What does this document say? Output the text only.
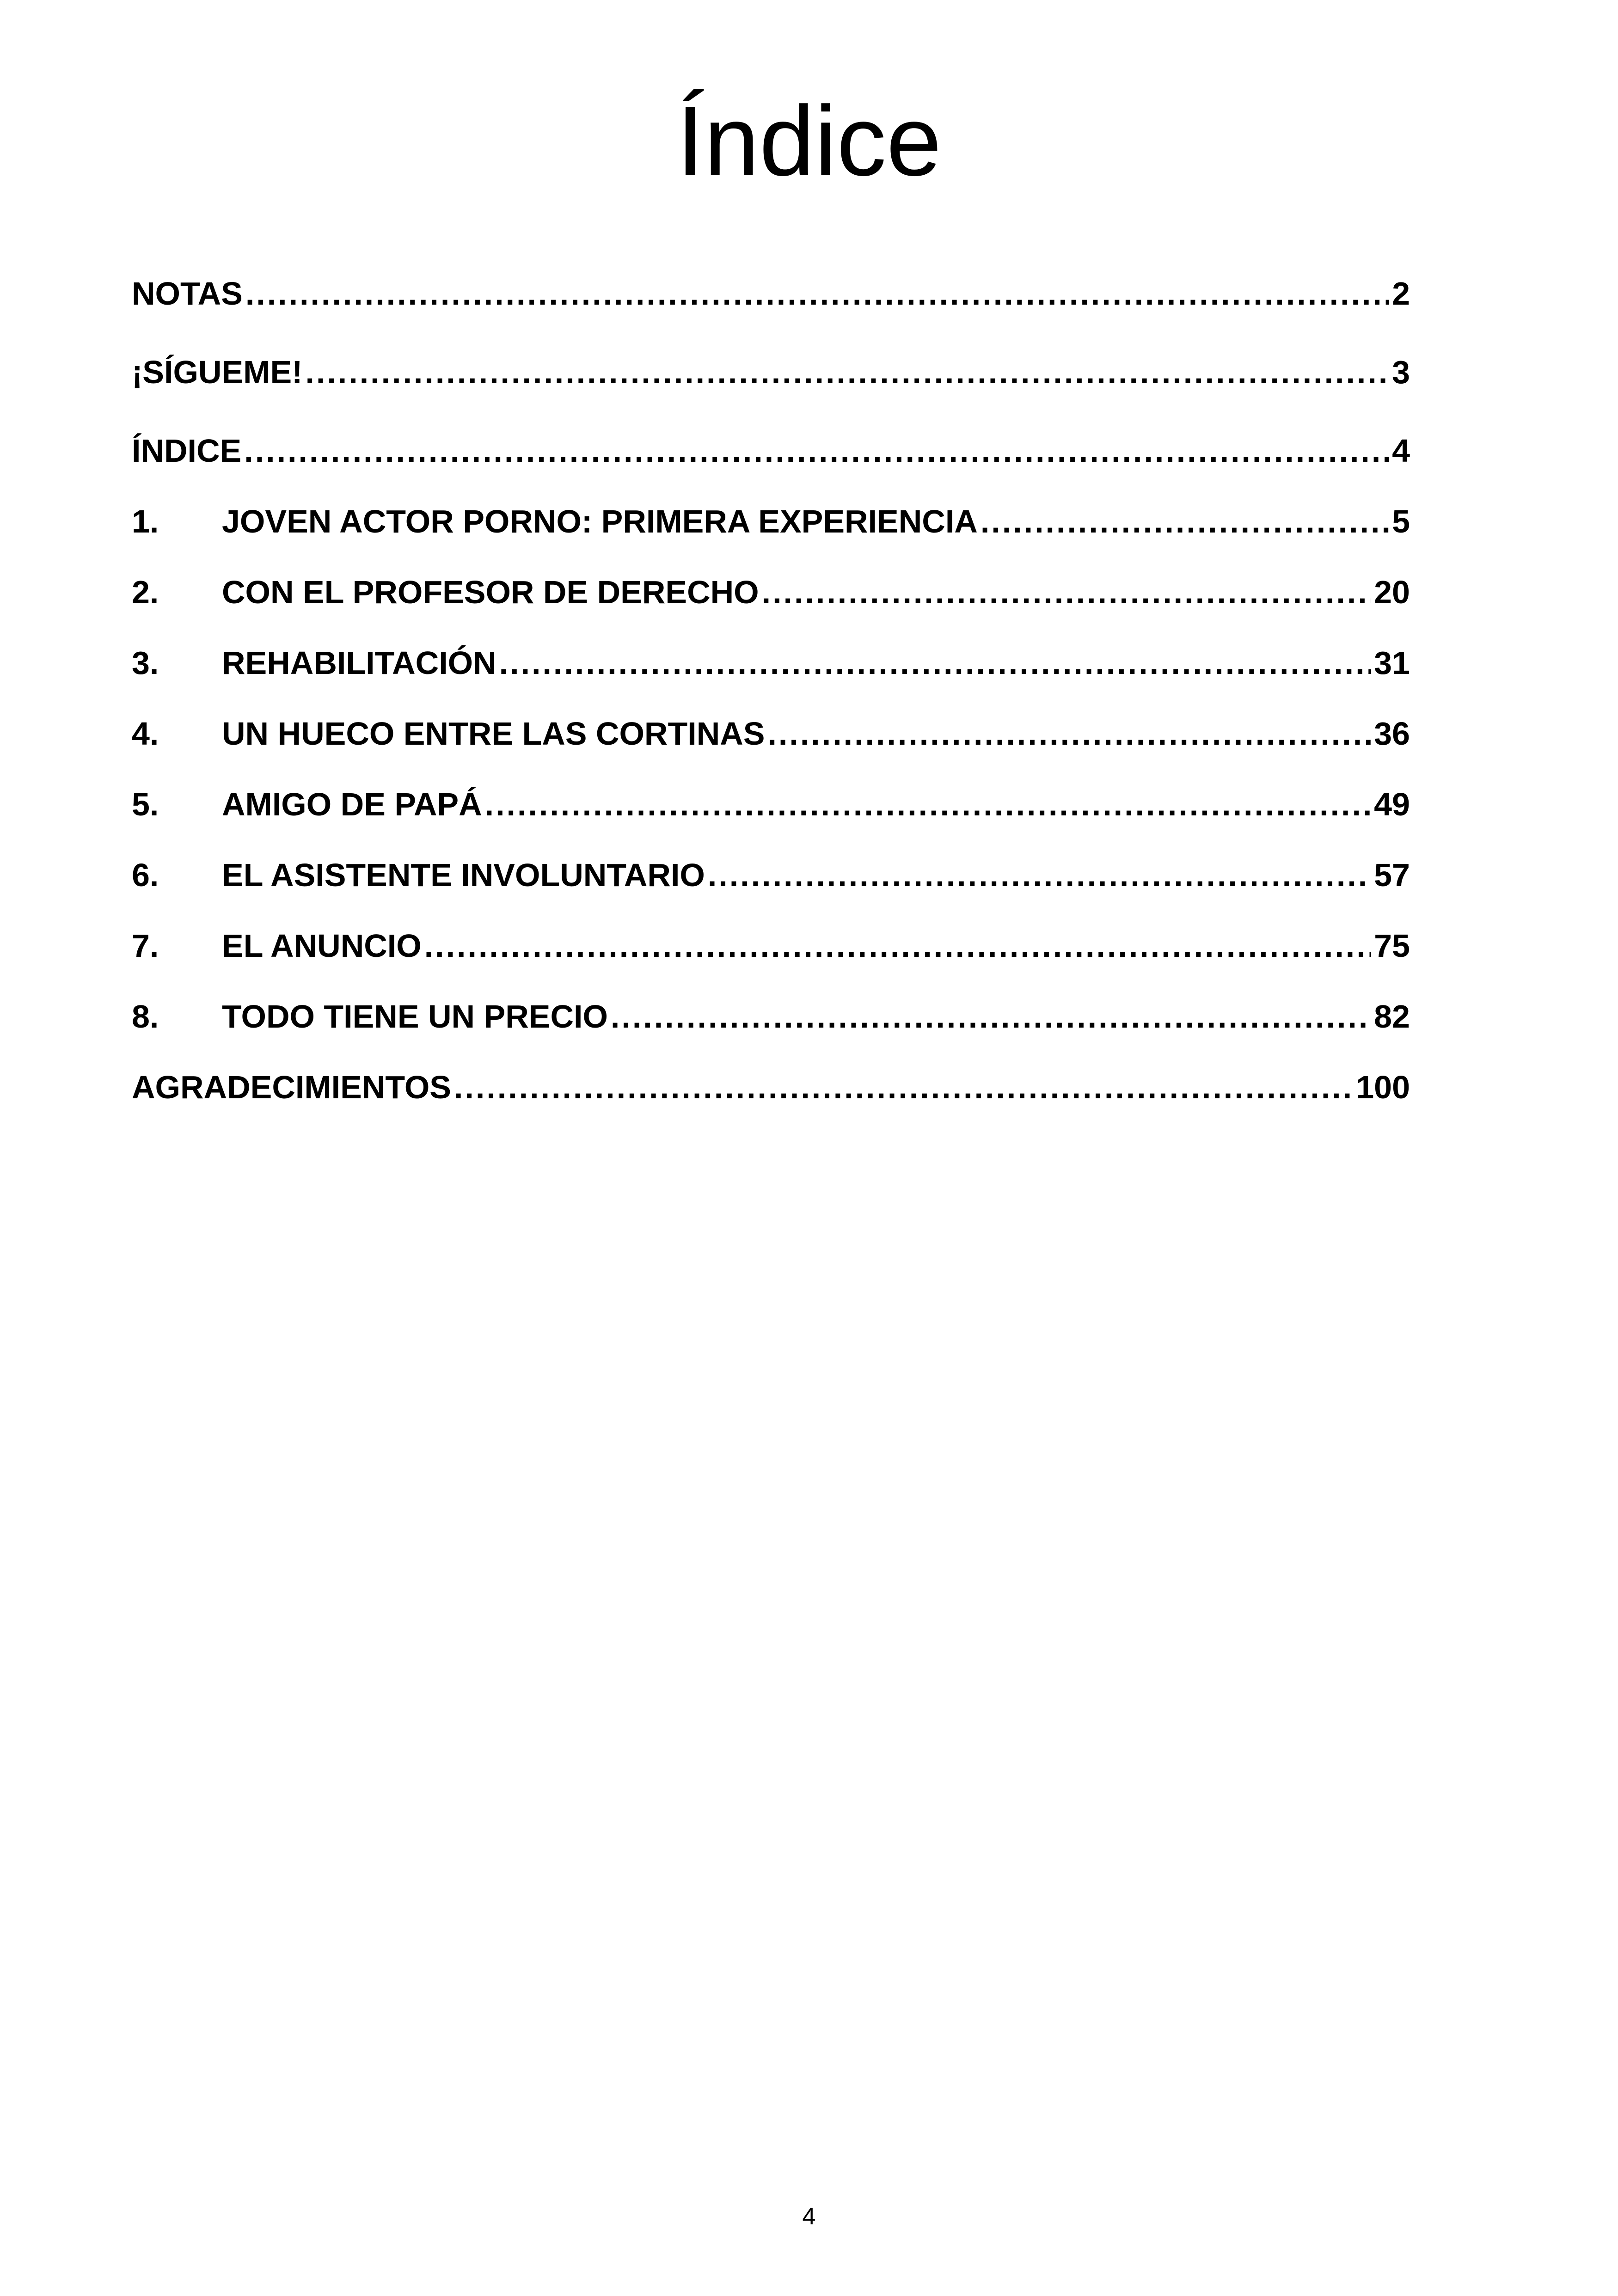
Índice
NOTAS .....	2
¡SÍGUEME! .....	3
ÍNDICE .....	4
1.	JOVEN ACTOR PORNO: PRIMERA EXPERIENCIA .....	5
2.	CON EL PROFESOR DE DERECHO .....	20
3.	REHABILITACIÓN .....	31
4.	UN HUECO ENTRE LAS CORTINAS .....	36
5.	AMIGO DE PAPÁ .....	49
6.	EL ASISTENTE INVOLUNTARIO .....	57
7.	EL ANUNCIO .....	75
8.	TODO TIENE UN PRECIO .....	82
AGRADECIMIENTOS .....	100
4
